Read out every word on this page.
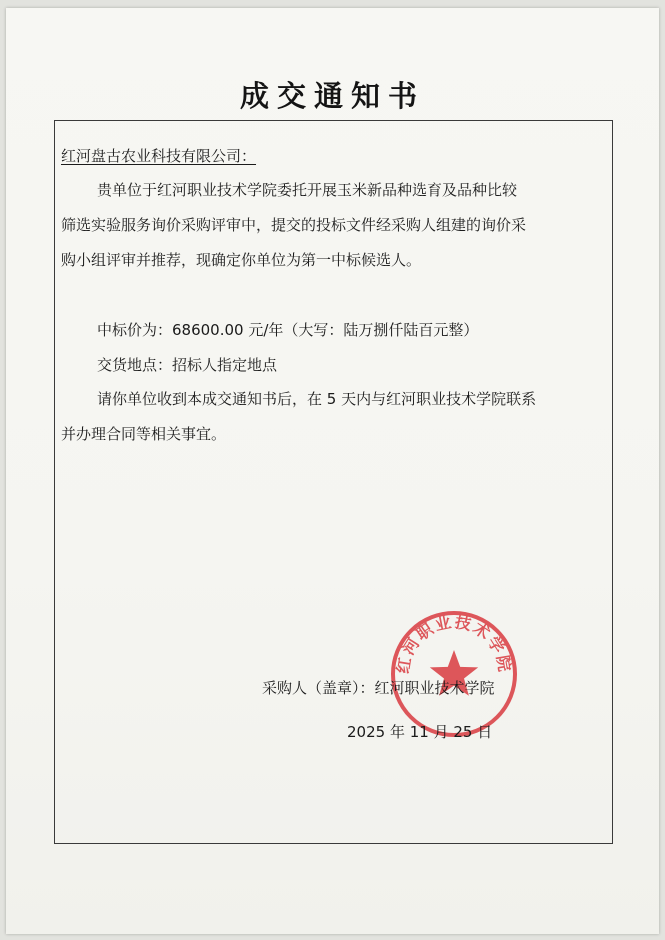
成交通知书
红河盘古农业科技有限公司：
贵单位于红河职业技术学院委托开展玉米新品种选育及品种比较
筛选实验服务询价采购评审中，提交的投标文件经采购人组建的询价采
购小组评审并推荐，现确定你单位为第一中标候选人。
中标价为：68600.00 元/年（大写：陆万捌仟陆百元整）
交货地点：招标人指定地点
请你单位收到本成交通知书后，在 5 天内与红河职业技术学院联系
并办理合同等相关事宜。
红河职业技术学院
采购人（盖章）：红河职业技术学院
2025 年 11 月 25 日
